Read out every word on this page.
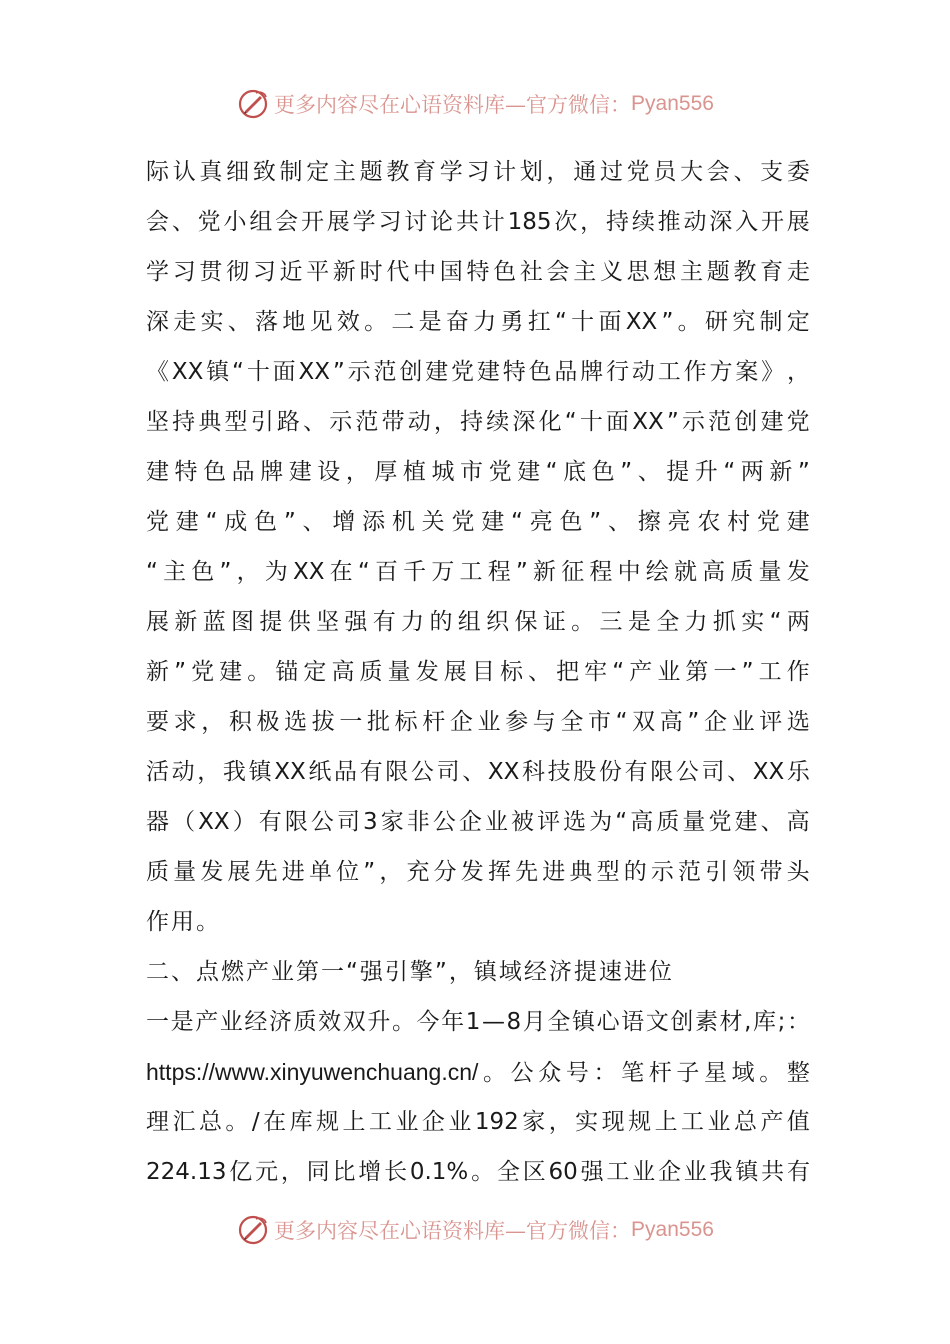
更多内容尽在心语资料库—官方微信： Pyan556
际 认 真 细 致 制 定 主 题 教 育 学 习 计 划 ， 通 过 党 员 大 会 、 支 委
会 、 党 小 组 会 开 展 学 习 讨 论 共 计 185 次 ， 持 续 推 动 深 入 开 展
学 习 贯 彻 习 近 平 新 时 代 中 国 特 色 社 会 主 义 思 想 主 题 教 育 走
深 走 实 、 落 地 见 效 。 二 是 奋 力 勇 扛 “ 十 面 XX ” 。 研 究 制 定
《 XX 镇 “ 十 面 XX ” 示 范 创 建 党 建 特 色 品 牌 行 动 工 作 方 案 》 ，
坚 持 典 型 引 路 、 示 范 带 动 ， 持 续 深 化 “ 十 面 XX ” 示 范 创 建 党
建 特 色 品 牌 建 设 ， 厚 植 城 市 党 建 “ 底 色 ” 、 提 升 “ 两 新 ”
党 建 “ 成 色 ” 、 增 添 机 关 党 建 “ 亮 色 ” 、 擦 亮 农 村 党 建
“ 主 色 ” ， 为 XX 在 “ 百 千 万 工 程 ” 新 征 程 中 绘 就 高 质 量 发
展 新 蓝 图 提 供 坚 强 有 力 的 组 织 保 证 。 三 是 全 力 抓 实 “ 两
新 ” 党 建 。 锚 定 高 质 量 发 展 目 标 、 把 牢 “ 产 业 第 一 ” 工 作
要 求 ， 积 极 选 拔 一 批 标 杆 企 业 参 与 全 市 “ 双 高 ” 企 业 评 选
活 动 ， 我 镇 XX 纸 品 有 限 公 司 、 XX 科 技 股 份 有 限 公 司 、 XX 乐
器 （ XX ） 有 限 公 司 3 家 非 公 企 业 被 评 选 为 “ 高 质 量 党 建 、 高
质 量 发 展 先 进 单 位 ” ， 充 分 发 挥 先 进 典 型 的 示 范 引 领 带 头
作用。
二、点燃产业第一“强引擎”，镇域经济提速进位
一 是 产 业 经 济 质 效 双 升 。 今 年 1 — 8 月 全 镇 心 语 文 创 素 材 , 库 ; ：
https://www.xinyuwenchuang.cn/ 。 公 众 号 ： 笔 杆 子 星 域 。 整
理 汇 总 。 / 在 库 规 上 工 业 企 业 192 家 ， 实 现 规 上 工 业 总 产 值
224.13 亿 元 ， 同 比 增 长 0.1% 。 全 区 60 强 工 业 企 业 我 镇 共 有
更多内容尽在心语资料库—官方微信： Pyan556
